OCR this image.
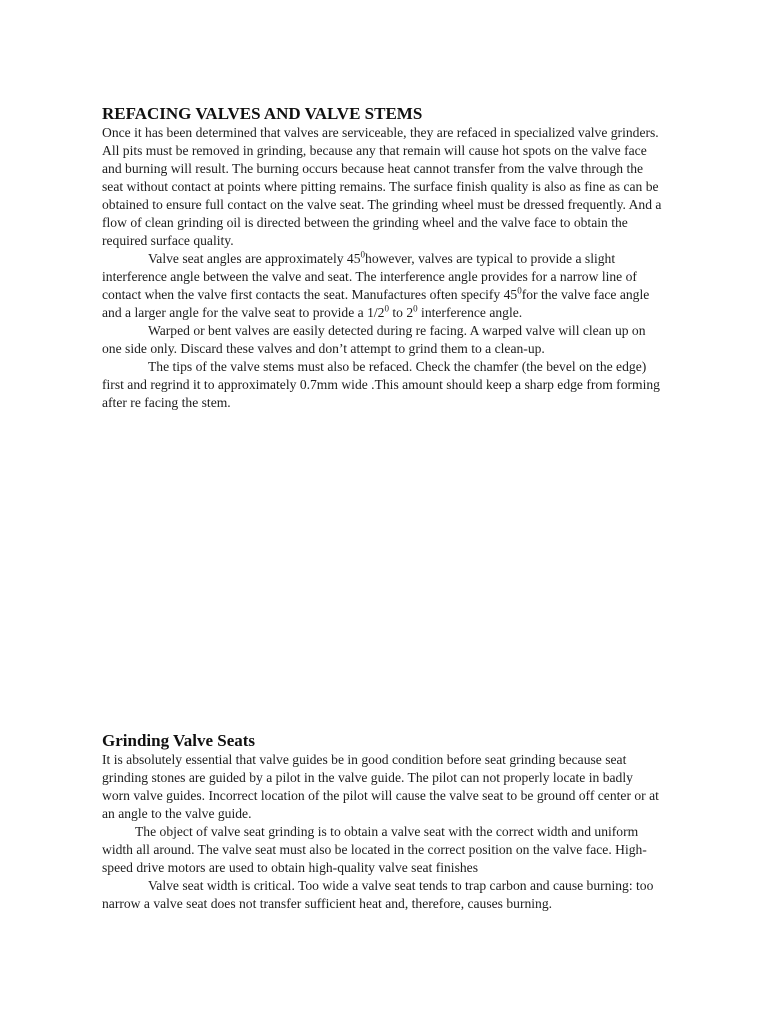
REFACING VALVES AND VALVE STEMS

Once it has been determined that valves are serviceable, they are refaced in specialized valve grinders. All pits must be removed in grinding, because any that remain will cause hot spots on the valve face and burning will result. The burning occurs because heat cannot transfer from the valve through the seat without contact at points where pitting remains. The surface finish quality is also as fine as can be obtained to ensure full contact on the valve seat. The grinding wheel must be dressed frequently. And a flow of clean grinding oil is directed between the grinding wheel and the valve face to obtain the required surface quality.

Valve seat angles are approximately $45^0however$, valves are typical to provide a slight interference angle between the valve and seat. The interference angle provides for a narrow line of contact when the valve first contacts the seat. Manufactures often specify $45^0for$ the valve face angle and a larger angle for the valve seat to provide a $1/2^0$ to $2^0$ interference angle.

Warped or bent valves are easily detected during re facing. A warped valve will clean up on one side only. Discard these valves and don’t attempt to grind them to a clean-up.

The tips of the valve stems must also be refaced. Check the chamfer (the bevel on the edge) first and regrind it to approximately 0.7mm wide .This amount should keep a sharp edge from forming after re facing the stem.

Grinding Valve Seats

It is absolutely essential that valve guides be in good condition before seat grinding because seat grinding stones are guided by a pilot in the valve guide. The pilot can not properly locate in badly worn valve guides. Incorrect location of the pilot will cause the valve seat to be ground off center or at an angle to the valve guide.

The object of valve seat grinding is to obtain a valve seat with the correct width and uniform width all around. The valve seat must also be located in the correct position on the valve face. High- speed drive motors are used to obtain high-quality valve seat finishes

Valve seat width is critical. Too wide a valve seat tends to trap carbon and cause burning: too narrow a valve seat does not transfer sufficient heat and, therefore, causes burning.
